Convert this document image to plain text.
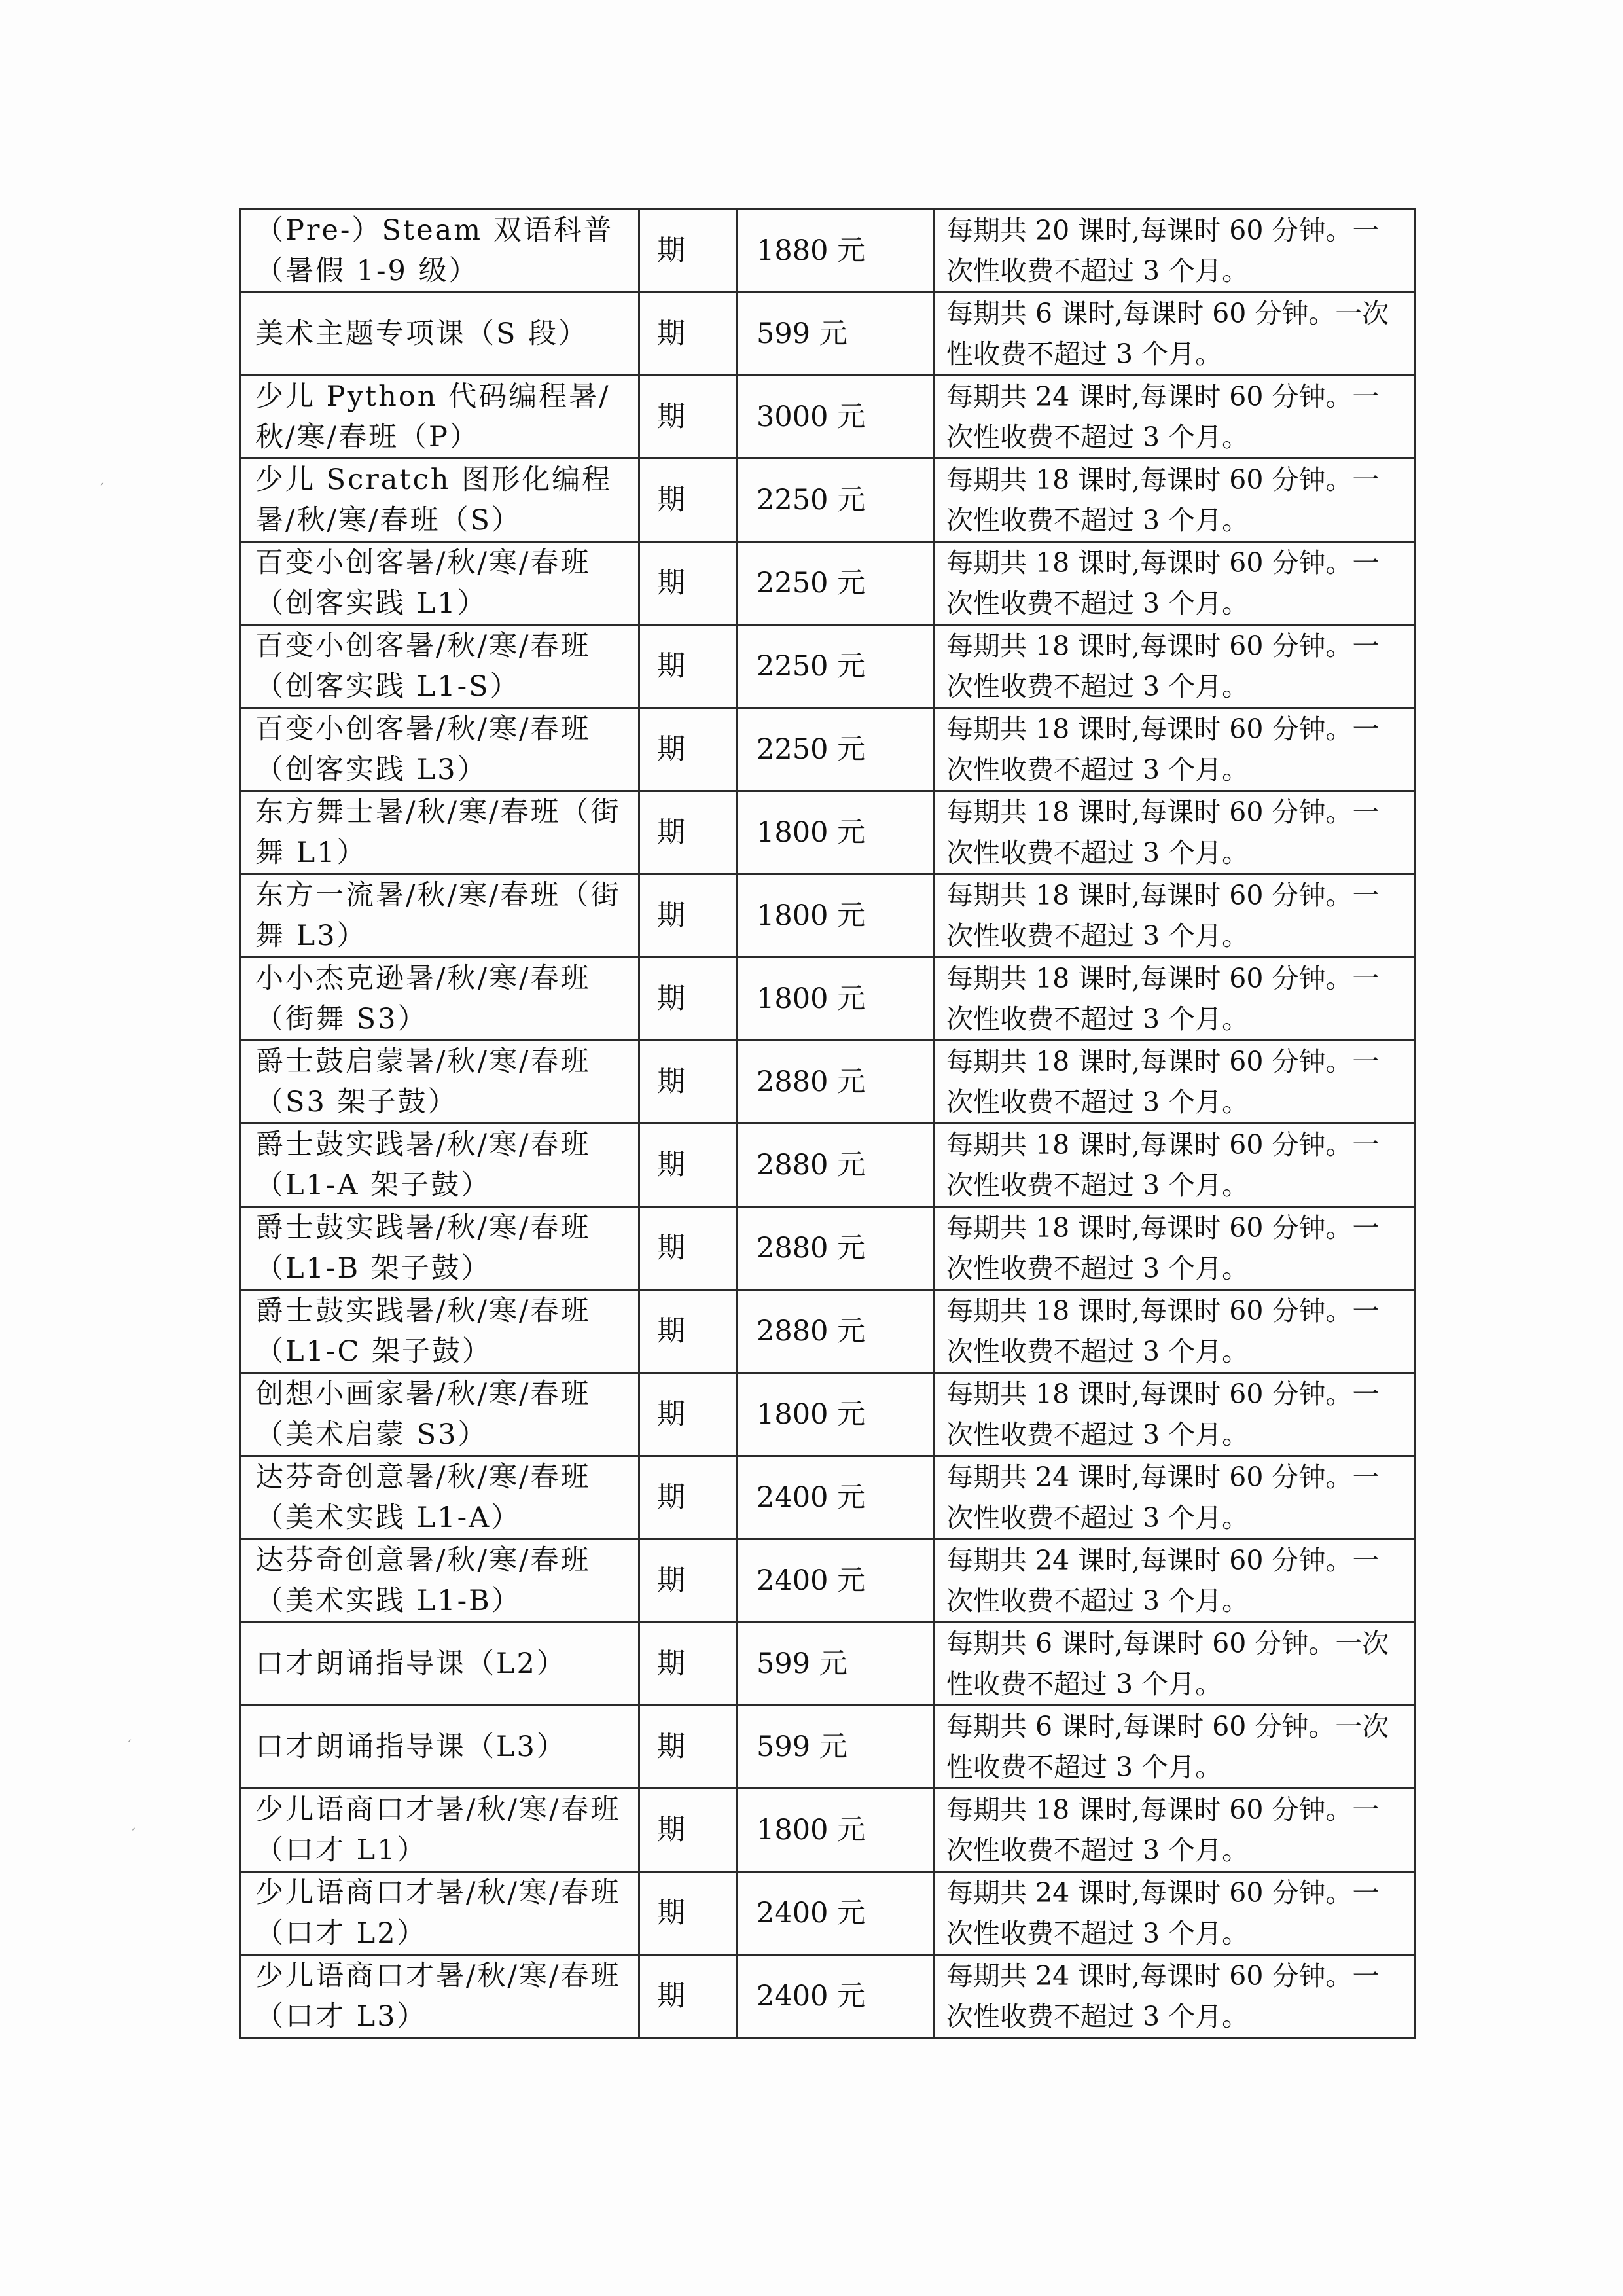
（Pre-）Steam 双语科普（暑假 1-9 级）	期	1880 元	每期共 20 课时,每课时 60 分钟。一次性收费不超过 3 个月。
美术主题专项课（S 段）	期	599 元	每期共 6 课时,每课时 60 分钟。一次性收费不超过 3 个月。
少儿 Python 代码编程暑/秋/寒/春班（P）	期	3000 元	每期共 24 课时,每课时 60 分钟。一次性收费不超过 3 个月。
少儿 Scratch 图形化编程暑/秋/寒/春班（S）	期	2250 元	每期共 18 课时,每课时 60 分钟。一次性收费不超过 3 个月。
百变小创客暑/秋/寒/春班（创客实践 L1）	期	2250 元	每期共 18 课时,每课时 60 分钟。一次性收费不超过 3 个月。
百变小创客暑/秋/寒/春班（创客实践 L1-S）	期	2250 元	每期共 18 课时,每课时 60 分钟。一次性收费不超过 3 个月。
百变小创客暑/秋/寒/春班（创客实践 L3）	期	2250 元	每期共 18 课时,每课时 60 分钟。一次性收费不超过 3 个月。
东方舞士暑/秋/寒/春班（街舞 L1）	期	1800 元	每期共 18 课时,每课时 60 分钟。一次性收费不超过 3 个月。
东方一流暑/秋/寒/春班（街舞 L3）	期	1800 元	每期共 18 课时,每课时 60 分钟。一次性收费不超过 3 个月。
小小杰克逊暑/秋/寒/春班（街舞 S3）	期	1800 元	每期共 18 课时,每课时 60 分钟。一次性收费不超过 3 个月。
爵士鼓启蒙暑/秋/寒/春班（S3 架子鼓）	期	2880 元	每期共 18 课时,每课时 60 分钟。一次性收费不超过 3 个月。
爵士鼓实践暑/秋/寒/春班（L1-A 架子鼓）	期	2880 元	每期共 18 课时,每课时 60 分钟。一次性收费不超过 3 个月。
爵士鼓实践暑/秋/寒/春班（L1-B 架子鼓）	期	2880 元	每期共 18 课时,每课时 60 分钟。一次性收费不超过 3 个月。
爵士鼓实践暑/秋/寒/春班（L1-C 架子鼓）	期	2880 元	每期共 18 课时,每课时 60 分钟。一次性收费不超过 3 个月。
创想小画家暑/秋/寒/春班（美术启蒙 S3）	期	1800 元	每期共 18 课时,每课时 60 分钟。一次性收费不超过 3 个月。
达芬奇创意暑/秋/寒/春班（美术实践 L1-A）	期	2400 元	每期共 24 课时,每课时 60 分钟。一次性收费不超过 3 个月。
达芬奇创意暑/秋/寒/春班（美术实践 L1-B）	期	2400 元	每期共 24 课时,每课时 60 分钟。一次性收费不超过 3 个月。
口才朗诵指导课（L2）	期	599 元	每期共 6 课时,每课时 60 分钟。一次性收费不超过 3 个月。
口才朗诵指导课（L3）	期	599 元	每期共 6 课时,每课时 60 分钟。一次性收费不超过 3 个月。
少儿语商口才暑/秋/寒/春班（口才 L1）	期	1800 元	每期共 18 课时,每课时 60 分钟。一次性收费不超过 3 个月。
少儿语商口才暑/秋/寒/春班（口才 L2）	期	2400 元	每期共 24 课时,每课时 60 分钟。一次性收费不超过 3 个月。
少儿语商口才暑/秋/寒/春班（口才 L3）	期	2400 元	每期共 24 课时,每课时 60 分钟。一次性收费不超过 3 个月。
ˊ
ˊ
ˊ
